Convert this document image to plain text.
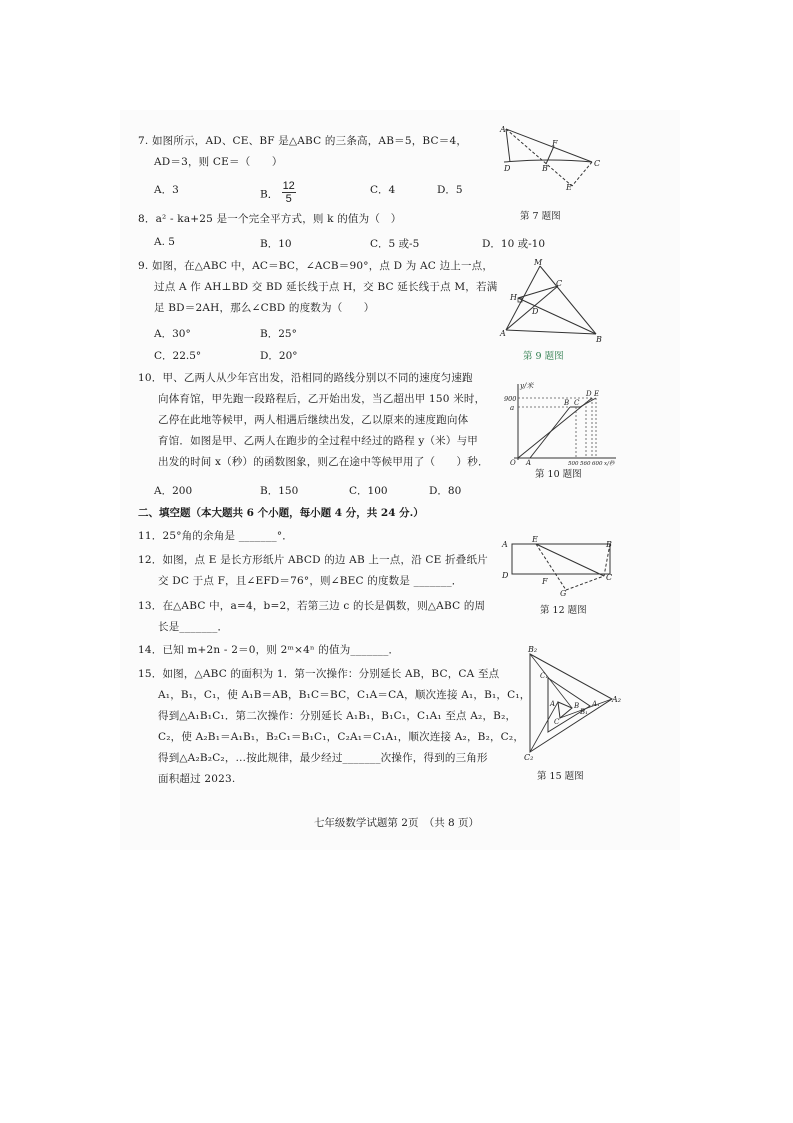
7. 如图所示，AD、CE、BF 是△ABC 的三条高，AB＝5，BC＝4，
AD＝3，则 CE＝（　　）
A．3	B． $\frac{12}{5}$	C．4	D．5
A
F
D	B
C
E
第 7 题图
8．a² - ka+25 是一个完全平方式，则 k 的值为（　）
A. 5	B．10	C．5 或-5	D．10 或-10
9. 如图，在△ABC 中，AC＝BC，∠ACB＝90°，点 D 为 AC 边上一点，
过点 A 作 AH⊥BD 交 BD 延长线于点 H，交 BC 延长线于点 M，若满
足 BD＝2AH，那么∠CBD 的度数为（　　）
A．30°	B．25°
C．22.5°	D．20°
M
C
H
D
A
B
第 9 题图
10．甲、乙两人从少年宫出发，沿相同的路线分别以不同的速度匀速跑
向体育馆，甲先跑一段路程后，乙开始出发，当乙超出甲 150 米时，
乙停在此地等候甲，两人相遇后继续出发，乙以原来的速度跑向体
育馆．如图是甲、乙两人在跑步的全过程中经过的路程 y（米）与甲
出发的时间 x（秒）的函数图象，则乙在途中等候甲用了（　　）秒．
A．200	B．150	C．100	D．80
y/米
900
a
D E
B C
O A	500 560 600 x/秒
第 10 题图
二、填空题（本大题共 6 个小题，每小题 4 分，共 24 分.）
11．25°角的余角是 _______°．
12．如图，点 E 是长方形纸片 ABCD 的边 AB 上一点，沿 CE 折叠纸片
交 DC 于点 F，且∠EFD＝76°，则∠BEC 的度数是 _______．
A
E
B
D
F	C
G
第 12 题图
13．在△ABC 中，a=4，b=2，若第三边 c 的长是偶数，则△ABC 的周
长是_______．
14．已知 m+2n - 2＝0，则 2ᵐ×4ⁿ 的值为_______．
15．如图，△ABC 的面积为 1．第一次操作：分别延长 AB，BC，CA 至点
A₁，B₁，C₁，使 A₁B＝AB，B₁C＝BC，C₁A＝CA，顺次连接 A₁，B₁，C₁，
得到△A₁B₁C₁．第二次操作：分别延长 A₁B₁，B₁C₁，C₁A₁ 至点 A₂，B₂，
C₂，使 A₂B₁＝A₁B₁，B₂C₁＝B₁C₁，C₂A₁＝C₁A₁，顺次连接 A₂，B₂，C₂，
得到△A₂B₂C₂，…按此规律，最少经过_______次操作，得到的三角形
面积超过 2023.
B₂
C₁
A	B
C
B₁
A₁ A₂
C₂
第 15 题图
七年级数学试题第 2页　（共 8 页）
